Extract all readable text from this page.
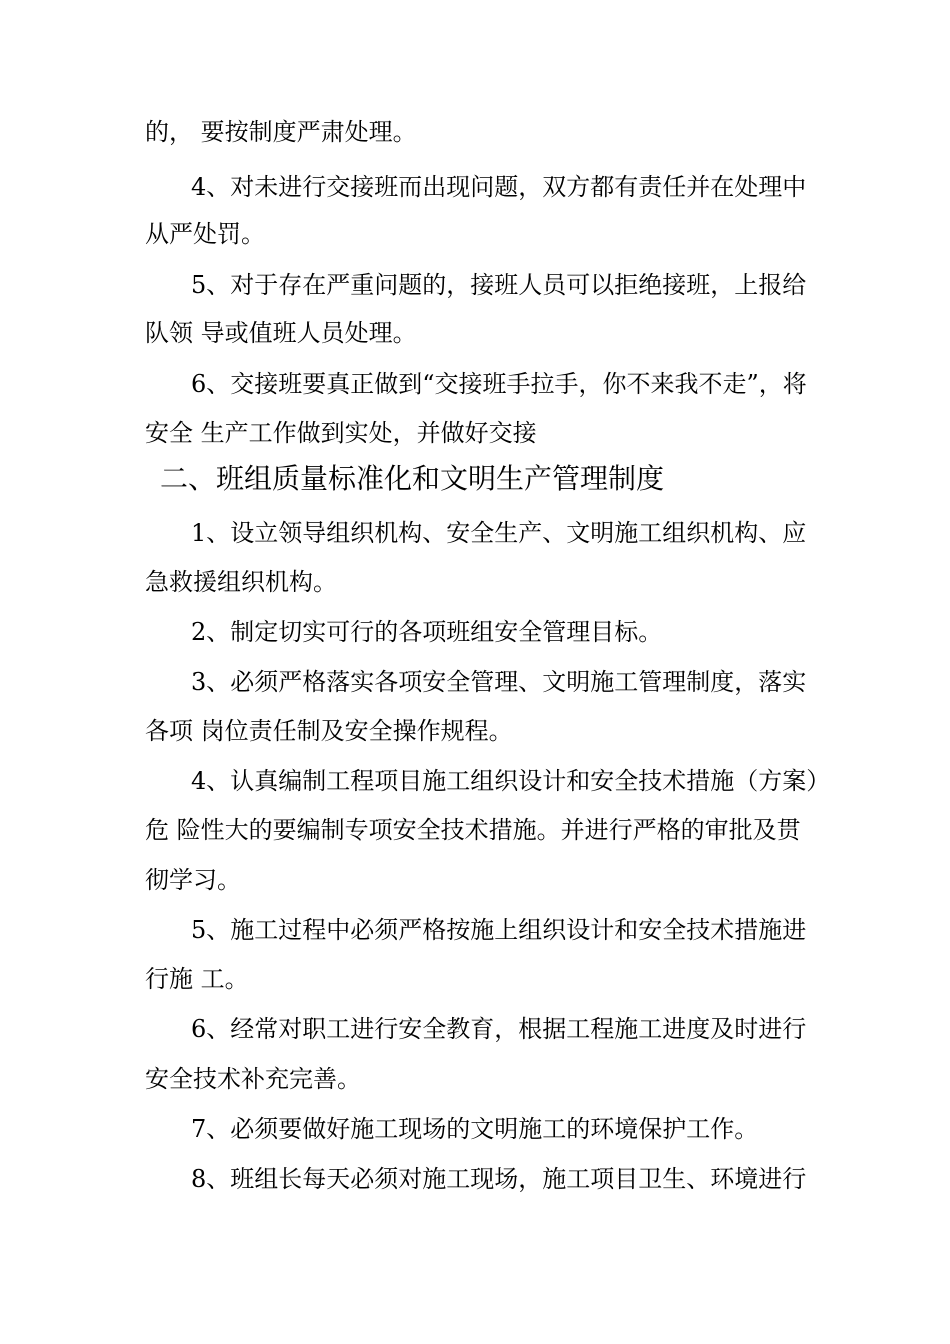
的， 要按制度严肃处理。
4、对未进行交接班而出现问题，双方都有责任并在处理中
从严处罚。
5、对于存在严重问题的，接班人员可以拒绝接班，上报给
队领 导或值班人员处理。
6、交接班要真正做到“交接班手拉手，你不来我不走”，将
安全 生产工作做到实处，并做好交接
二、班组质量标准化和文明生产管理制度
1、设立领导组织机构、安全生产、文明施工组织机构、应
急救援组织机构。
2、制定切实可行的各项班组安全管理目标。
3、必须严格落实各项安全管理、文明施工管理制度，落实
各项 岗位责任制及安全操作规程。
4、认真编制工程项目施工组织设计和安全技术措施（方案）
危 险性大的要编制专项安全技术措施。并进行严格的审批及贯
彻学习。
5、施工过程中必须严格按施上组织设计和安全技术措施进
行施 工。
6、经常对职工进行安全教育，根据工程施工进度及时进行
安全技术补充完善。
7、必须要做好施工现场的文明施工的环境保护工作。
8、班组长每天必须对施工现场，施工项目卫生、环境进行
